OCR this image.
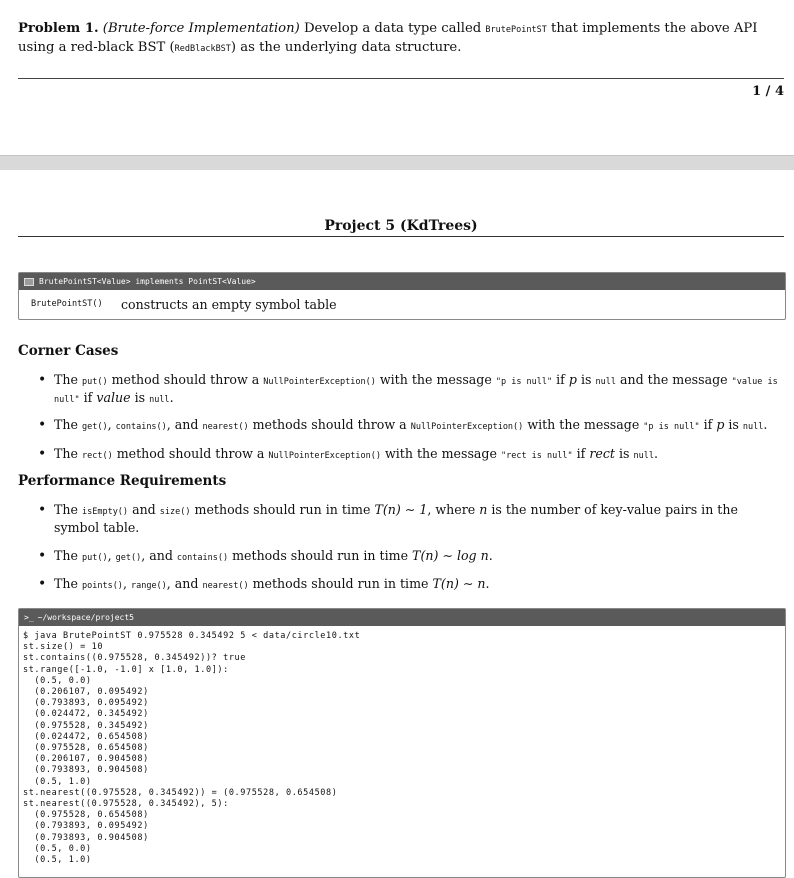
Problem 1. (Brute-force Implementation) Develop a data type called BrutePointST that implements the above API using a red-black BST (RedBlackBST) as the underlying data structure.
1 / 4
Project 5 (KdTrees)
BrutePointST<Value> implements PointST<Value>
BrutePointST()	constructs an empty symbol table
Corner Cases
• The put() method should throw a NullPointerException() with the message "p is null" if p is null and the message "value is null" if value is null.
• The get(), contains(), and nearest() methods should throw a NullPointerException() with the message "p is null" if p is null.
• The rect() method should throw a NullPointerException() with the message "rect is null" if rect is null.
Performance Requirements
• The isEmpty() and size() methods should run in time T(n) ∼ 1, where n is the number of key-value pairs in the symbol table.
• The put(), get(), and contains() methods should run in time T(n) ∼ log n.
• The points(), range(), and nearest() methods should run in time T(n) ∼ n.
>_ ~/workspace/project5
$ java BrutePointST 0.975528 0.345492 5 < data/circle10.txt
st.size() = 10
st.contains((0.975528, 0.345492))? true
st.range([-1.0, -1.0] x [1.0, 1.0]):
(0.5, 0.0)
(0.206107, 0.095492)
(0.793893, 0.095492)
(0.024472, 0.345492)
(0.975528, 0.345492)
(0.024472, 0.654508)
(0.975528, 0.654508)
(0.206107, 0.904508)
(0.793893, 0.904508)
(0.5, 1.0)
st.nearest((0.975528, 0.345492)) = (0.975528, 0.654508)
st.nearest((0.975528, 0.345492), 5):
(0.975528, 0.654508)
(0.793893, 0.095492)
(0.793893, 0.904508)
(0.5, 0.0)
(0.5, 1.0)
